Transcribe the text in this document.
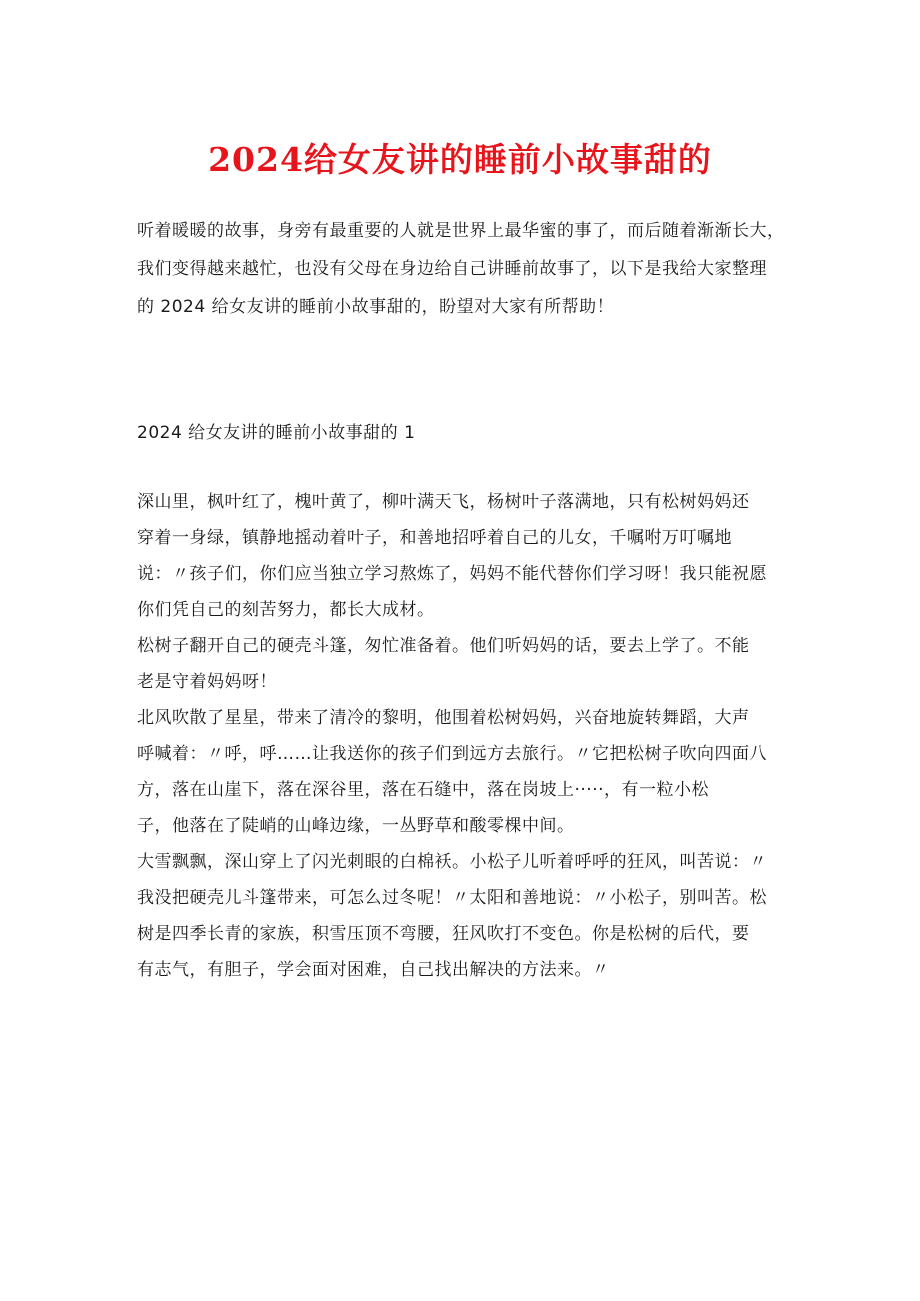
2024给女友讲的睡前小故事甜的

听着暖暖的故事，身旁有最重要的人就是世界上最华蜜的事了，而后随着渐渐长大，
我们变得越来越忙，也没有父母在身边给自己讲睡前故事了，以下是我给大家整理
的 2024 给女友讲的睡前小故事甜的，盼望对大家有所帮助！

2024 给女友讲的睡前小故事甜的 1

深山里，枫叶红了，槐叶黄了，柳叶满天飞，杨树叶子落满地，只有松树妈妈还
穿着一身绿，镇静地摇动着叶子，和善地招呼着自己的儿女，千嘱咐万叮嘱地
说：〃孩子们，你们应当独立学习熬炼了，妈妈不能代替你们学习呀！我只能祝愿
你们凭自己的刻苦努力，都长大成材。

松树子翻开自己的硬壳斗篷，匆忙准备着。他们听妈妈的话，要去上学了。不能
老是守着妈妈呀！

北风吹散了星星，带来了清冷的黎明，他围着松树妈妈，兴奋地旋转舞蹈，大声
呼喊着：〃呼，呼……让我送你的孩子们到远方去旅行。〃它把松树子吹向四面八
方，落在山崖下，落在深谷里，落在石缝中，落在岗坡上·····，有一粒小松
子，他落在了陡峭的山峰边缘，一丛野草和酸零棵中间。

大雪飘飘，深山穿上了闪光刺眼的白棉袄。小松子儿听着呼呼的狂风，叫苦说：〃
我没把硬壳儿斗篷带来，可怎么过冬呢！〃太阳和善地说：〃小松子，别叫苦。松
树是四季长青的家族，积雪压顶不弯腰，狂风吹打不变色。你是松树的后代，要
有志气，有胆子，学会面对困难，自己找出解决的方法来。〃
